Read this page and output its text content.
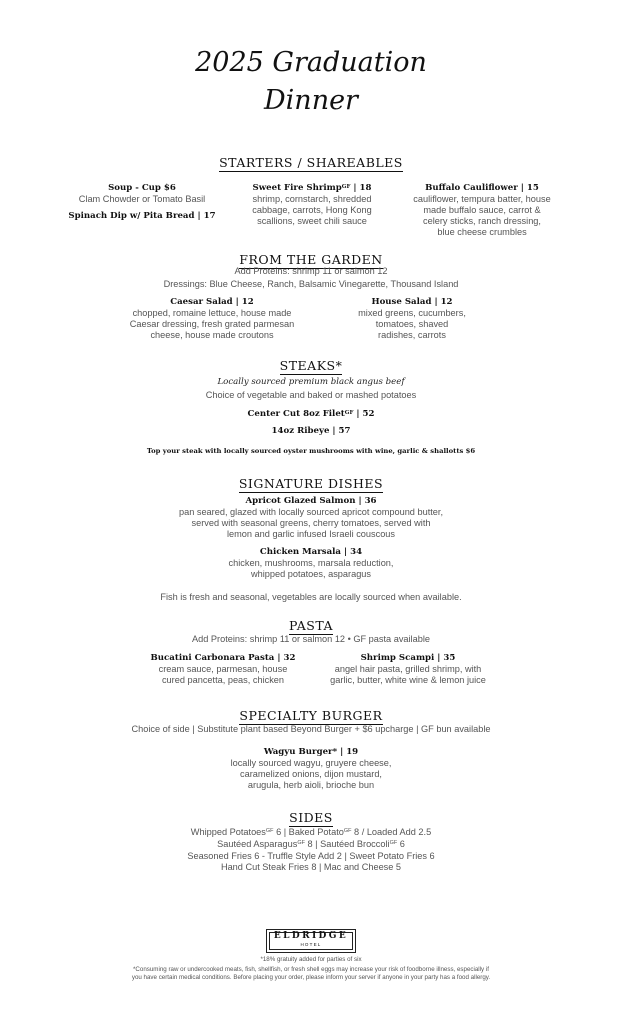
2025 Graduation
Dinner
STARTERS / SHAREABLES
Soup - Cup $6
Clam Chowder or Tomato Basil
Spinach Dip w/ Pita Bread | 17
Sweet Fire Shrimp$^{GF}$ | 18
shrimp, cornstarch, shredded
cabbage, carrots, Hong Kong
scallions, sweet chili sauce
Buffalo Cauliflower | 15
cauliflower, tempura batter, house
made buffalo sauce, carrot &
celery sticks, ranch dressing,
blue cheese crumbles
FROM THE GARDEN
Add Proteins: shrimp 11 or salmon 12
Dressings: Blue Cheese, Ranch, Balsamic Vinegarette, Thousand Island
Caesar Salad | 12
chopped, romaine lettuce, house made
Caesar dressing, fresh grated parmesan
cheese, house made croutons
House Salad | 12
mixed greens, cucumbers,
tomatoes, shaved
radishes, carrots
STEAKS*
Locally sourced premium black angus beef
Choice of vegetable and baked or mashed potatoes
Center Cut 8oz Filet$^{GF}$ | 52
14oz Ribeye | 57
Top your steak with locally sourced oyster mushrooms with wine, garlic & shallotts $6
SIGNATURE DISHES
Apricot Glazed Salmon | 36
pan seared, glazed with locally sourced apricot compound butter,
served with seasonal greens, cherry tomatoes, served with
lemon and garlic infused Israeli couscous
Chicken Marsala | 34
chicken, mushrooms, marsala reduction,
whipped potatoes, asparagus
Fish is fresh and seasonal, vegetables are locally sourced when available.
PASTA
Add Proteins: shrimp 11 or salmon 12 • GF pasta available
Bucatini Carbonara Pasta | 32
cream sauce, parmesan, house
cured pancetta, peas, chicken
Shrimp Scampi | 35
angel hair pasta, grilled shrimp, with
garlic, butter, white wine & lemon juice
SPECIALTY BURGER
Choice of side | Substitute plant based Beyond Burger + $6 upcharge | GF bun available
Wagyu Burger* | 19
locally sourced wagyu, gruyere cheese,
caramelized onions, dijon mustard,
arugula, herb aioli, brioche bun
SIDES
Whipped Potatoes$^{GF}$ 6 | Baked Potato$^{GF}$ 8 / Loaded Add 2.5
Sautéed Asparagus$^{GF}$ 8 | Sautéed Broccoli$^{GF}$ 6
Seasoned Fries 6 - Truffle Style Add 2 | Sweet Potato Fries 6
Hand Cut Steak Fries 8 | Mac and Cheese 5
ELDRIDGE
HOTEL
*18% gratuity added for parties of six
*Consuming raw or undercooked meats, fish, shellfish, or fresh shell eggs may increase your risk of foodborne illness, especially if
you have certain medical conditions. Before placing your order, please inform your server if anyone in your party has a food allergy.
